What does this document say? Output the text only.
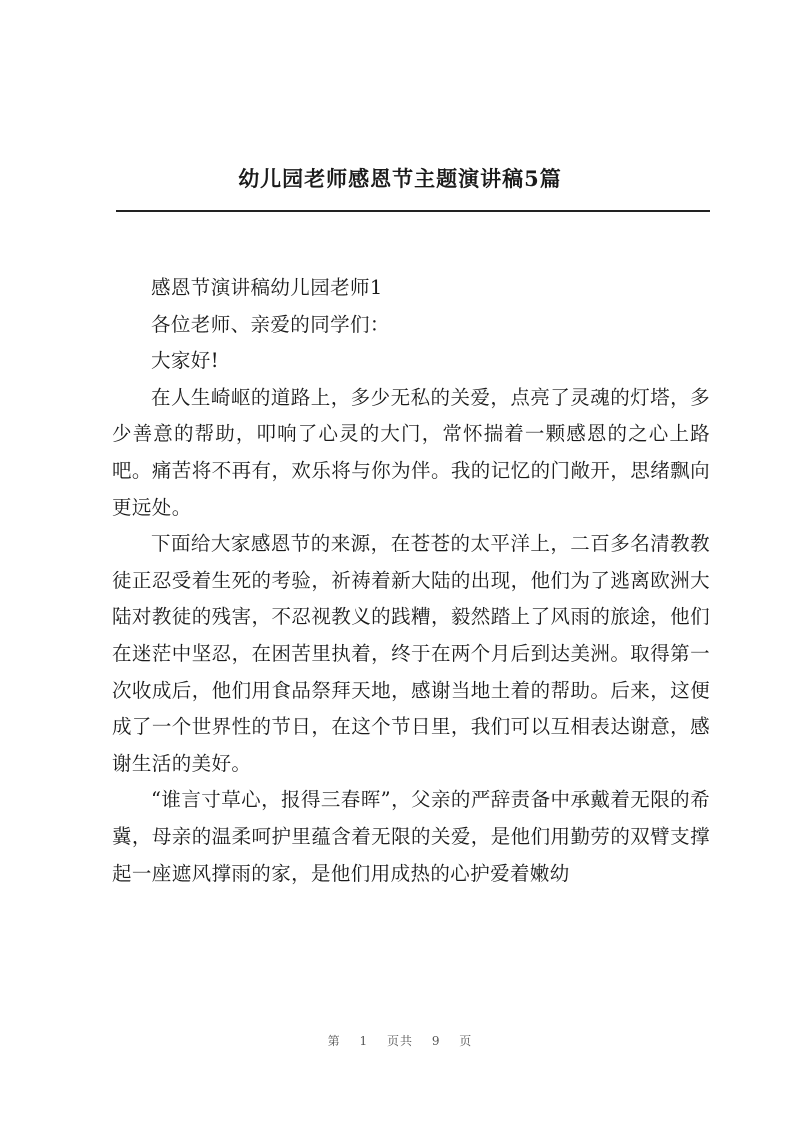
幼儿园老师感恩节主题演讲稿5篇

感恩节演讲稿幼儿园老师1

各位老师、亲爱的同学们：

大家好!

在人生崎岖的道路上，多少无私的关爱，点亮了灵魂的灯塔，多少善意的帮助，叩响了心灵的大门，常怀揣着一颗感恩的之心上路吧。痛苦将不再有，欢乐将与你为伴。我的记忆的门敞开，思绪飘向更远处。

下面给大家感恩节的来源，在苍苍的太平洋上，二百多名清教教徒正忍受着生死的考验，祈祷着新大陆的出现，他们为了逃离欧洲大陆对教徒的残害，不忍视教义的践糟，毅然踏上了风雨的旅途，他们在迷茫中坚忍，在困苦里执着，终于在两个月后到达美洲。取得第一次收成后，他们用食品祭拜天地，感谢当地土着的帮助。后来，这便成了一个世界性的节日，在这个节日里，我们可以互相表达谢意，感谢生活的美好。

“谁言寸草心，报得三春晖”，父亲的严辞责备中承戴着无限的希冀，母亲的温柔呵护里蕴含着无限的关爱，是他们用勤劳的双臂支撑起一座遮风撑雨的家，是他们用成热的心护爱着嫩幼

第 1 页共 9 页
